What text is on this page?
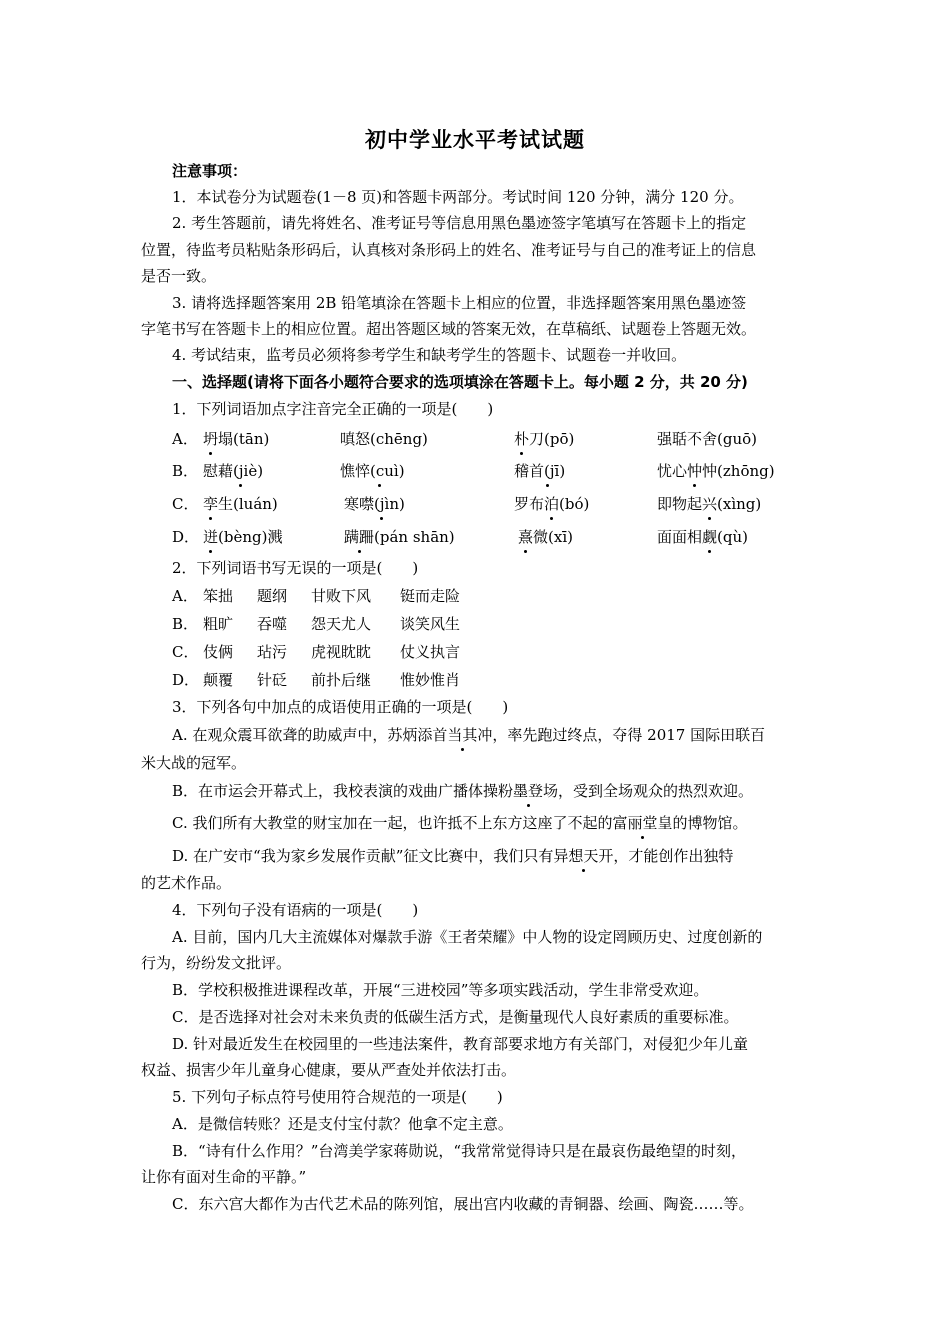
初中学业水平考试试题
注意事项：
1．本试卷分为试题卷(1－8 页)和答题卡两部分。考试时间 120 分钟，满分 120 分。
2. 考生答题前，请先将姓名、准考证号等信息用黑色墨迹签字笔填写在答题卡上的指定
位置，待监考员粘贴条形码后，认真核对条形码上的姓名、准考证号与自己的准考证上的信息
是否一致。
3. 请将选择题答案用 2B 铅笔填涂在答题卡上相应的位置，非选择题答案用黑色墨迹签
字笔书写在答题卡上的相应位置。超出答题区域的答案无效，在草稿纸、试题卷上答题无效。
4. 考试结束，监考员必须将参考学生和缺考学生的答题卡、试题卷一并收回。
一、选择题(请将下面各小题符合要求的选项填涂在答题卡上。每小题 2 分，共 20 分)
1．下列词语加点字注音完全正确的一项是(　　)
A． 坍塌(tān)	嗔怒(chēng)	朴刀(pō)	强聒不舍(guō)
B． 慰藉(jiè)	憔悴(cuì)	稽首(jī)	忧心忡忡(zhōng)
C． 孪生(luán)	寒噤(jìn)	罗布泊(bó)	即物起兴(xìng)
D． 迸(bèng)溅	蹒跚(pán shān)	熹微(xī)	面面相觑(qù)
2．下列词语书写无误的一项是(　　)
A． 笨拙 题纲 甘败下风 铤而走险
B． 粗旷 吞噬 怨天尤人 谈笑风生
C． 伎俩 玷污 虎视眈眈 仗义执言
D． 颠覆 针砭 前扑后继 惟妙惟肖
3．下列各句中加点的成语使用正确的一项是(　　)
A. 在观众震耳欲聋的助威声中，苏炳添首当其冲，率先跑过终点，夺得 2017 国际田联百
米大战的冠军。
B．在市运会开幕式上，我校表演的戏曲广播体操粉墨登场，受到全场观众的热烈欢迎。
C. 我们所有大教堂的财宝加在一起，也许抵不上东方这座了不起的富丽堂皇的博物馆。
D. 在广安市“我为家乡发展作贡献”征文比赛中，我们只有异想天开，才能创作出独特
的艺术作品。
4．下列句子没有语病的一项是(　　)
A. 目前，国内几大主流媒体对爆款手游《王者荣耀》中人物的设定罔顾历史、过度创新的
行为，纷纷发文批评。
B．学校积极推进课程改革，开展“三进校园”等多项实践活动，学生非常受欢迎。
C．是否选择对社会对未来负责的低碳生活方式，是衡量现代人良好素质的重要标准。
D. 针对最近发生在校园里的一些违法案件，教育部要求地方有关部门，对侵犯少年儿童
权益、损害少年儿童身心健康，要从严查处并依法打击。
5. 下列句子标点符号使用符合规范的一项是(　　)
A．是微信转账？还是支付宝付款？他拿不定主意。
B．“诗有什么作用？”台湾美学家蒋勋说，“我常常觉得诗只是在最哀伤最绝望的时刻，
让你有面对生命的平静。”
C．东六宫大都作为古代艺术品的陈列馆，展出宫内收藏的青铜器、绘画、陶瓷……等。
